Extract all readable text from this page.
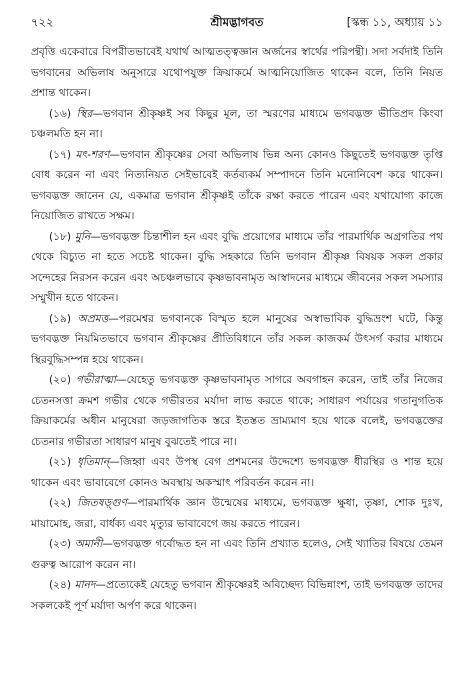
৭২২	শ্রীমদ্ভাগবত	[স্কন্ধ ১১, অধ্যায় ১১

প্রবৃত্তি একেবারে বিপরীতভাবেই যথার্থ আত্মতত্ত্বজ্ঞান অর্জনের স্বার্থের পরিপন্থী। সদা সর্বদাই তিনি ভগবানের অভিলাষ অনুসারে যথোপযুক্ত ক্রিয়াকর্মে আত্মনিয়োজিত থাকেন বলে, তিনি নিয়ত প্রশান্ত থাকেন।

(১৬) স্থির—ভগবান শ্রীকৃষ্ণই সব কিছুর মূল, তা স্মরণের মাধ্যমে ভগবদ্ভক্ত ভীতিপ্রদ কিংবা চঞ্চলমতি হন না।

(১৭) মৎ-শরণ—ভগবান শ্রীকৃষ্ণের সেবা অভিলাষ ভিন্ন অন্য কোনও কিছুতেই ভগবদ্ভক্ত তৃপ্তি বোধ করেন না এবং নিত্যনিয়ত সেইভাবেই কর্তব্যকর্ম সম্পাদনে তিনি মনোনিবেশ করে থাকেন। ভগবদ্ভক্ত জানেন যে, একমাত্র ভগবান শ্রীকৃষ্ণই তাঁকে রক্ষা করতে পারেন এবং যথাযোগ্য কাজে নিয়োজিত রাখতে সক্ষম।

(১৮) মুনি—ভগবদ্ভক্ত চিন্তাশীল হন এবং বুদ্ধি প্রয়োগের মাধ্যমে তাঁর পারমার্থিক অগ্রগতির পথ থেকে বিচ্যুত না হতে সচেষ্ট থাকেন। বুদ্ধি সহকারে তিনি ভগবান শ্রীকৃষ্ণ বিষয়ক সকল প্রকার সন্দেহের নিরসন করেন এবং অচঞ্চলভাবে কৃষ্ণভাবনামৃত আস্বাদনের মাধ্যমে জীবনের সকল সমস্যার সম্মুখীন হতে থাকেন।

(১৯) অপ্রমত্ত—পরমেশ্বর ভগবানকে বিস্মৃত হলে মানুষের অস্বাভাবিক বুদ্ধিভ্রংশ ঘটে, কিন্তু ভগবদ্ভক্ত নিয়মিতভাবে ভগবান শ্রীকৃষ্ণের প্রীতিবিধানে তাঁর সকল কাজকর্ম উৎসর্গ করার মাধ্যমে স্থিরবুদ্ধিসম্পন্ন হয়ে থাকেন।

(২০) গভীরাত্মা—যেহেতু ভগবদ্ভক্ত কৃষ্ণভাবনামৃত সাগরে অবগাহন করেন, তাই তাঁর নিজের চেতনসত্তা ক্রমশ গভীর থেকে গভীরতর মর্যাদা লাভ করতে থাকে; সাধারণ পর্যায়ের গতানুগতিক ক্রিয়াকর্মের অধীন মানুষেরা জড়জাগতিক স্তরে ইতস্তত ভ্রাম্যমাণ হয়ে থাকে বলেই, ভগবদ্ভক্তের চেতনার গভীরতা সাধারণ মানুষ বুঝতেই পারে না।

(২১) ধৃতিমান্—জিহ্বা এবং উপস্থ বেগ প্রশমনের উদ্দেশ্যে ভগবদ্ভক্ত ধীরস্থির ও শান্ত হয়ে থাকেন এবং ভাবাবেগে কোনও অবস্থায় অকস্মাৎ পরিবর্তন করেন না।

(২২) জিতষড়্‌গুণ—পারমার্থিক জ্ঞান উন্মেষের মাধ্যমে, ভগবদ্ভক্ত ক্ষুধা, তৃষ্ণা, শোক দুঃখ, মায়ামোহ, জরা, বার্ধক্য এবং মৃত্যুর ভাবাবেগে জয় করতে পারেন।

(২৩) অমানী—ভগবদ্ভক্ত গর্বোদ্ধত হন না এবং তিনি প্রখ্যাত হলেও, সেই খ্যাতির বিষয়ে তেমন গুরুত্ব আরোপ করেন না।

(২৪) মানদ—প্রত্যেকেই যেহেতু ভগবান শ্রীকৃষ্ণেরই অবিচ্ছেদ্য বিভিন্নাংশ, তাই ভগবদ্ভক্ত তাদের সকলকেই পূর্ণ মর্যাদা অর্পণ করে থাকেন।
